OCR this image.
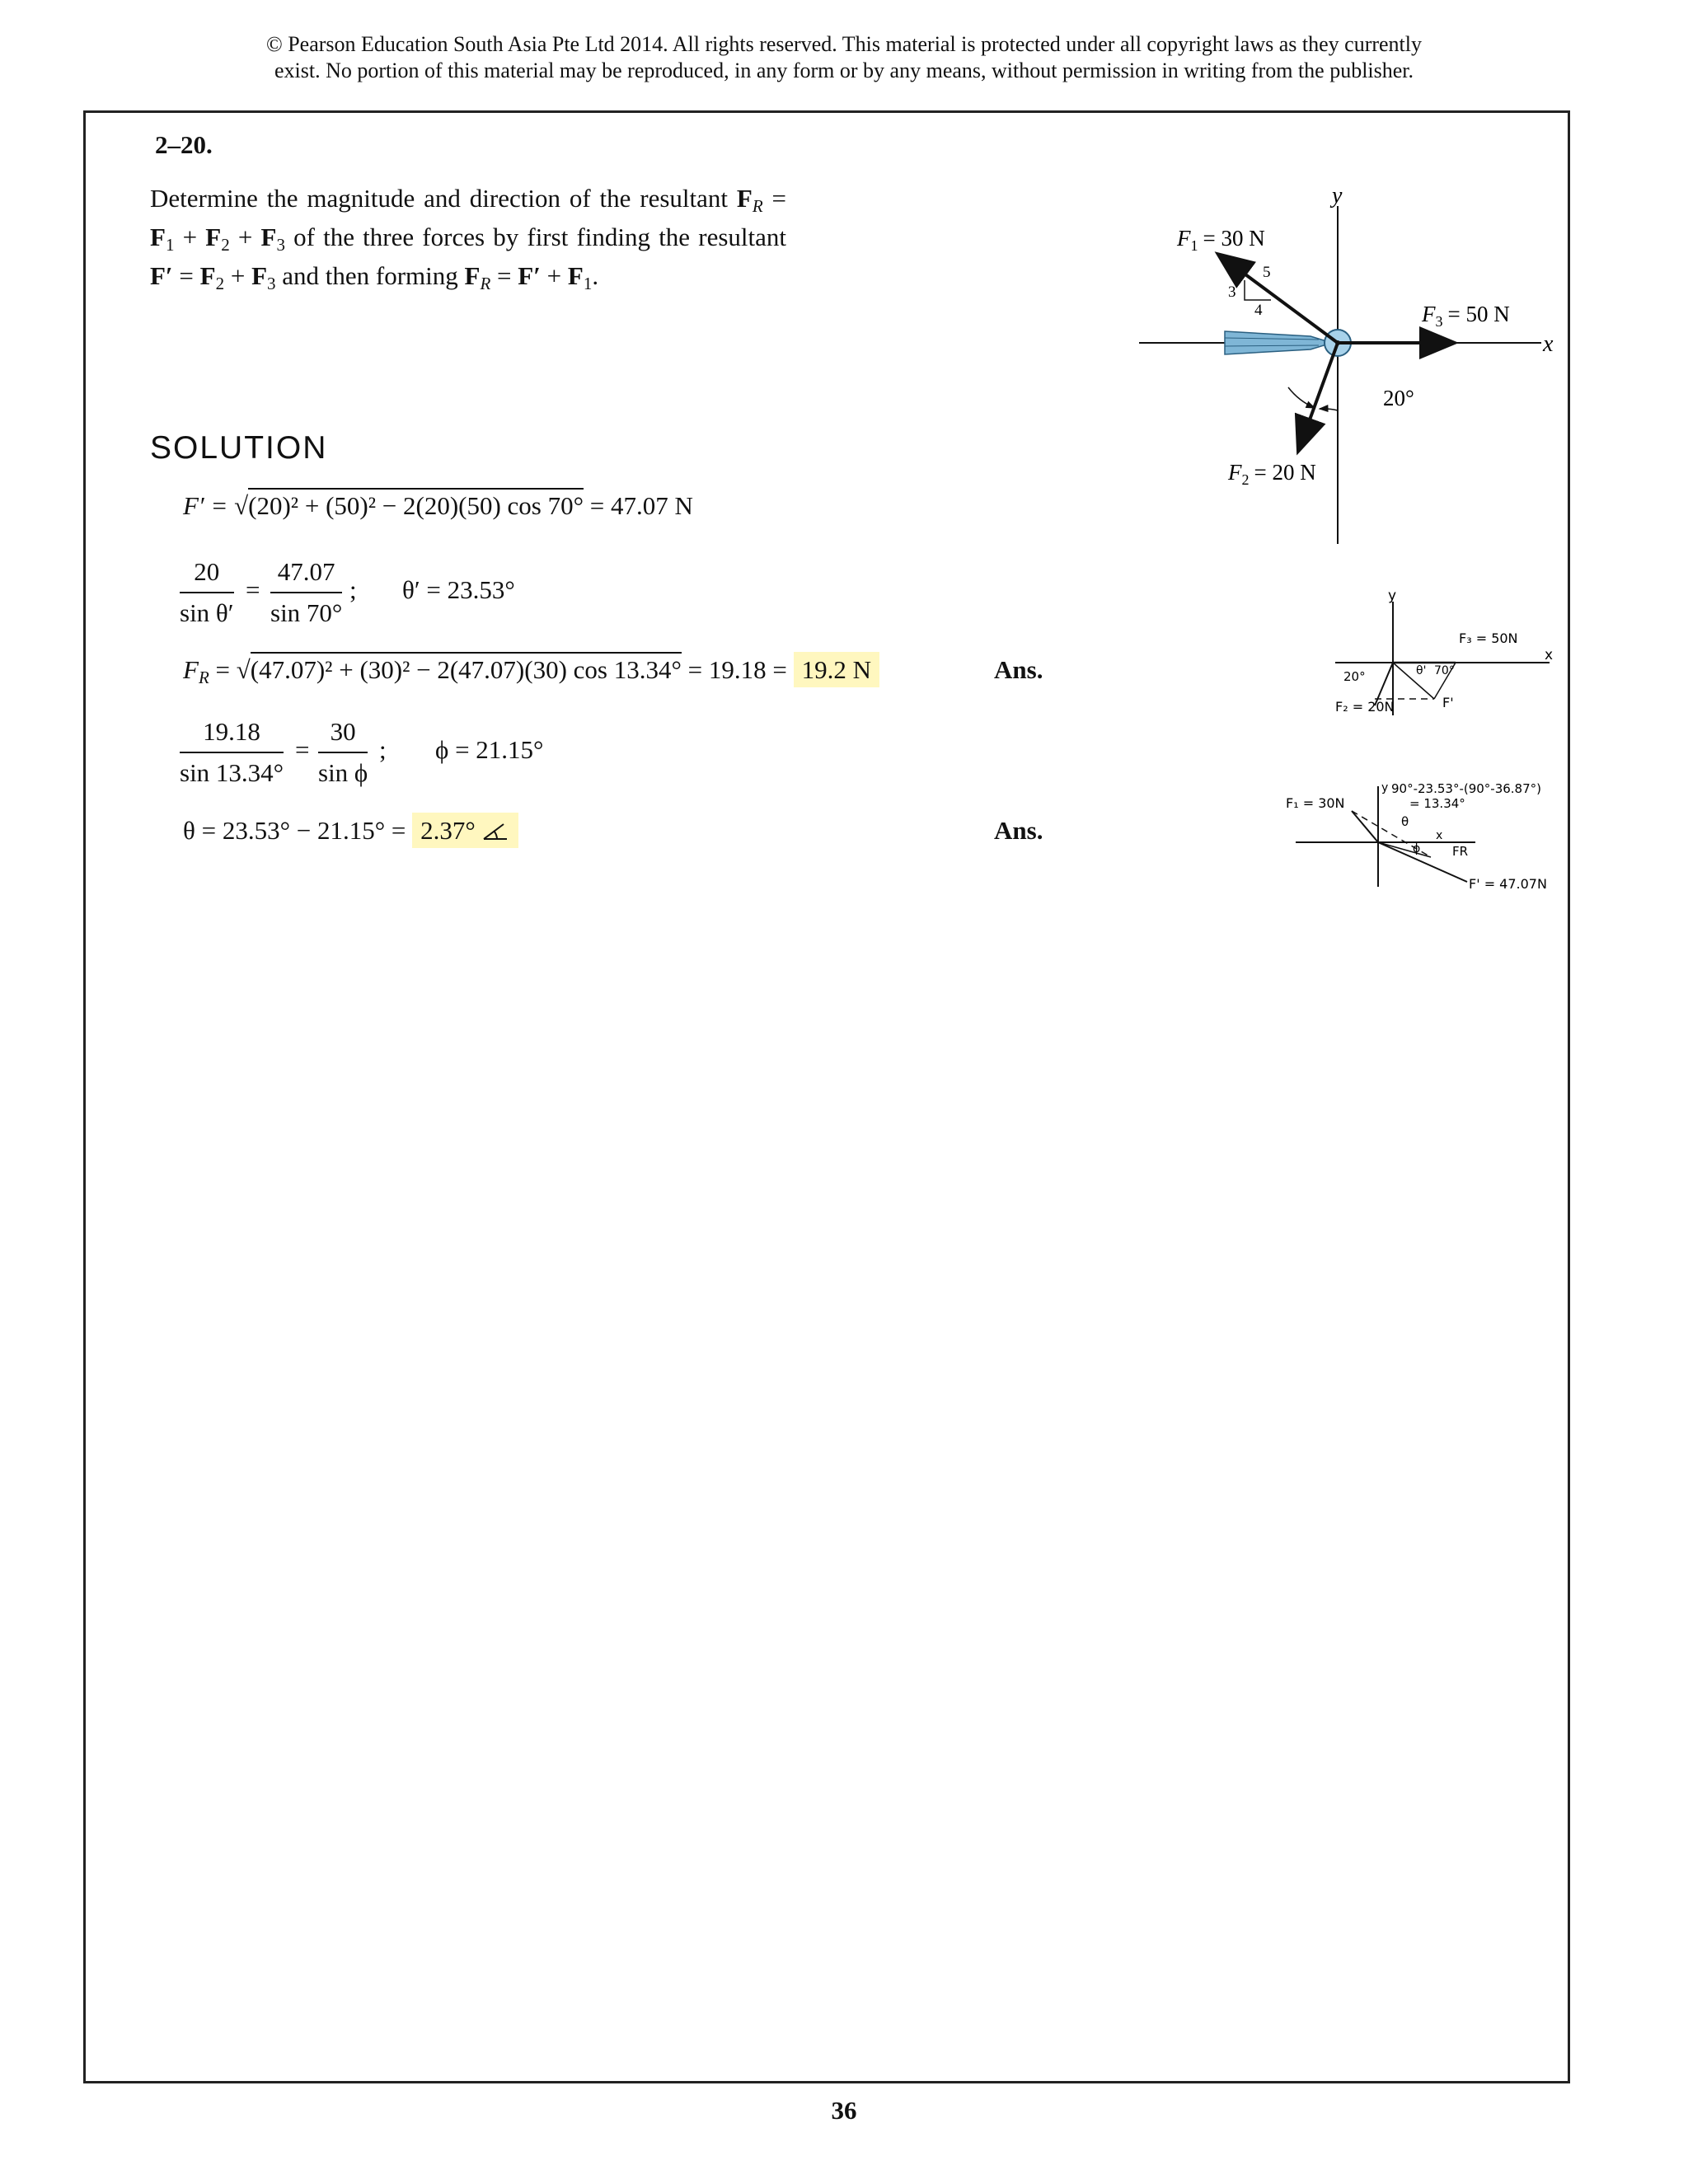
© Pearson Education South Asia Pte Ltd 2014. All rights reserved. This material is protected under all copyright laws as they currently
exist. No portion of this material may be reproduced, in any form or by any means, without permission in writing from the publisher.
2–20.
Determine the magnitude and direction of the resultant $F_R = F1 + F2 + F3$ of the three forces by first finding the resultant F′ = F2 + F3 and then forming $F_R = F' + F1$.
SOLUTION
F′ = √(20)² + (50)² − 2(20)(50) cos 70° = 47.07 N
$\frac{20}{\text{sin θ′}} = \frac{47.07}{\sin 70^\circ}$ ; θ′ = 23.53°
$F_R = √(47.07)^2 + (30)^2 - 2(47.07)(30)$ cos 13.34° = 19.18 = 19.2 N	Ans.
$\frac{19.18}{\sin 13.34^\circ} = \frac{30}{\text{sin ϕ}}$ ; ϕ = 21.15°
θ = 23.53° − 21.15° = 2.37°	Ans.
y
x
$F_1 = 30$ N
3
4
5
$F_3 = 50$ N
20°
$F_2 = 20$ N
y
x
F₃ = 50N
F₂ = 20N
20°	70°
θ'
F'
F₁ = 30N
y 90°-23.53°-(90°-36.87°)
= 13.34°
θ
x
ϕ	FR
F' = 47.07N
36
